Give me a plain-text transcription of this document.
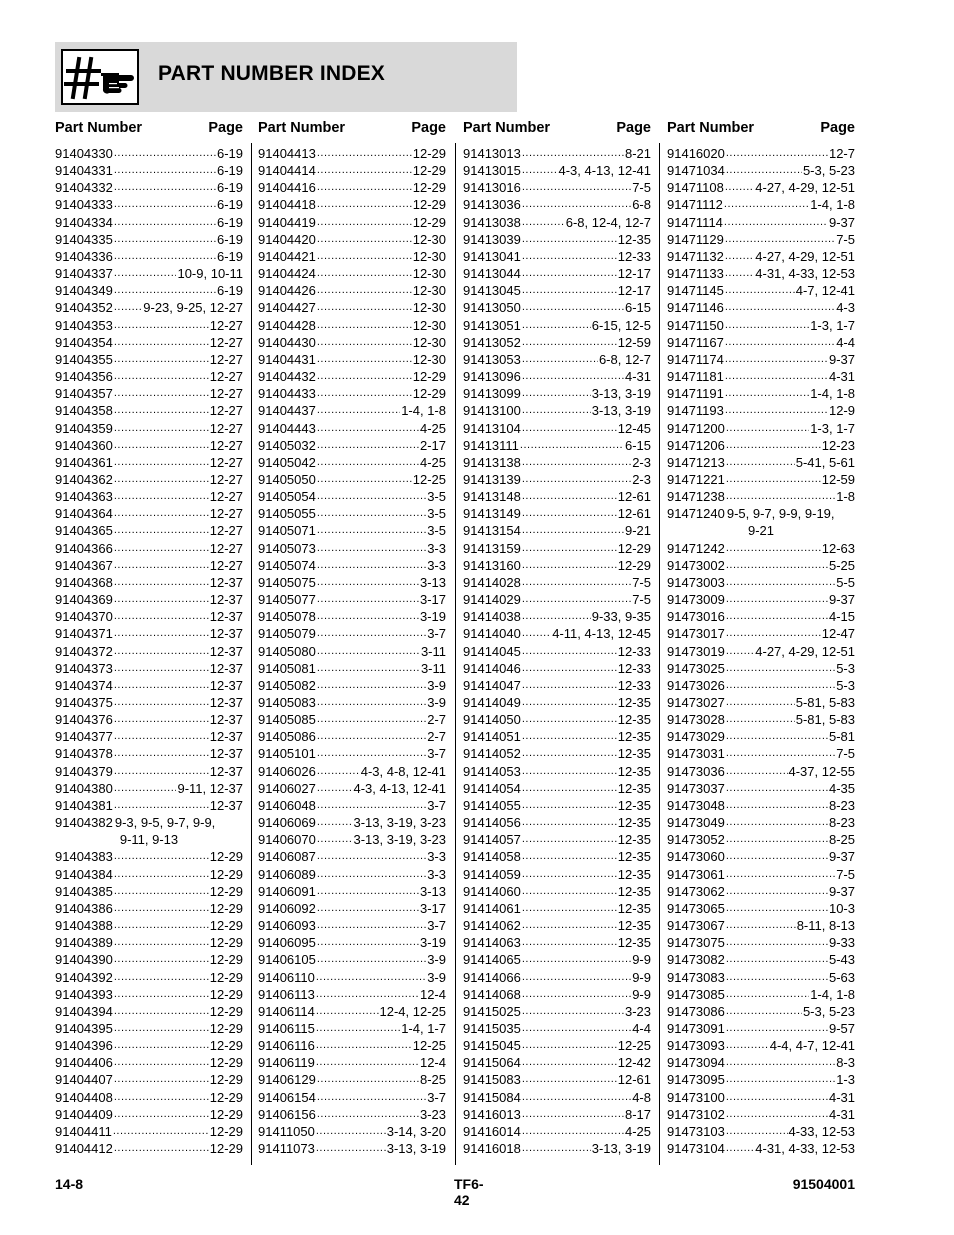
PART NUMBER INDEX
Part Number	Page
91404330 .....	6-19
91404331 .....	6-19
91404332 .....	6-19
91404333 .....	6-19
91404334 .....	6-19
91404335 .....	6-19
91404336 .....	6-19
91404337 .....	10-9, 10-11
91404349 .....	6-19
91404352 ..... 9-23, 9-25, 12-27
91404353 .....	12-27
91404354 .....	12-27
91404355 .....	12-27
91404356 .....	12-27
91404357 .....	12-27
91404358 .....	12-27
91404359 .....	12-27
91404360 .....	12-27
91404361 .....	12-27
91404362 .....	12-27
91404363 .....	12-27
91404364 .....	12-27
91404365 .....	12-27
91404366 .....	12-27
91404367 .....	12-27
91404368 .....	12-37
91404369 .....	12-37
91404370 .....	12-37
91404371 .....	12-37
91404372 .....	12-37
91404373 .....	12-37
91404374 .....	12-37
91404375 .....	12-37
91404376 .....	12-37
91404377 .....	12-37
91404378 .....	12-37
91404379 .....	12-37
91404380 .....	9-11, 12-37
91404381 .....	12-37
91404382 9-3, 9-5, 9-7, 9-9,
9-11, 9-13
91404383 .....	12-29
91404384 .....	12-29
91404385 .....	12-29
91404386 .....	12-29
91404388 .....	12-29
91404389 .....	12-29
91404390 .....	12-29
91404392 .....	12-29
91404393 .....	12-29
91404394 .....	12-29
91404395 .....	12-29
91404396 .....	12-29
91404406 .....	12-29
91404407 .....	12-29
91404408 .....	12-29
91404409 .....	12-29
91404411 .....	12-29
91404412 .....	12-29
Part Number	Page
91404413 .....	12-29
91404414 .....	12-29
91404416 .....	12-29
91404418 .....	12-29
91404419 .....	12-29
91404420 .....	12-30
91404421 .....	12-30
91404424 .....	12-30
91404426 .....	12-30
91404427 .....	12-30
91404428 .....	12-30
91404430 .....	12-30
91404431 .....	12-30
91404432 .....	12-29
91404433 .....	12-29
91404437 .....	1-4, 1-8
91404443 .....	4-25
91405032 .....	2-17
91405042 .....	4-25
91405050 .....	12-25
91405054 .....	3-5
91405055 .....	3-5
91405071 .....	3-5
91405073 .....	3-3
91405074 .....	3-3
91405075 .....	3-13
91405077 .....	3-17
91405078 .....	3-19
91405079 .....	3-7
91405080 .....	3-11
91405081 .....	3-11
91405082 .....	3-9
91405083 .....	3-9
91405085 .....	2-7
91405086 .....	2-7
91405101 .....	3-7
91406026 .....	4-3, 4-8, 12-41
91406027 .....	4-3, 4-13, 12-41
91406048 .....	3-7
91406069 .....	3-13, 3-19, 3-23
91406070 .....	3-13, 3-19, 3-23
91406087 .....	3-3
91406089 .....	3-3
91406091 .....	3-13
91406092 .....	3-17
91406093 .....	3-7
91406095 .....	3-19
91406105 .....	3-9
91406110 .....	3-9
91406113 .....	12-4
91406114 .....	12-4, 12-25
91406115 .....	1-4, 1-7
91406116 .....	12-25
91406119 .....	12-4
91406129 .....	8-25
91406154 .....	3-7
91406156 .....	3-23
91411050 .....	3-14, 3-20
91411073 .....	3-13, 3-19
Part Number	Page
91413013 .....	8-21
91413015 .....	4-3, 4-13, 12-41
91413016 .....	7-5
91413036 .....	6-8
91413038 .....	6-8, 12-4, 12-7
91413039 .....	12-35
91413041 .....	12-33
91413044 .....	12-17
91413045 .....	12-17
91413050 .....	6-15
91413051 .....	6-15, 12-5
91413052 .....	12-59
91413053 .....	6-8, 12-7
91413096 .....	4-31
91413099 .....	3-13, 3-19
91413100 .....	3-13, 3-19
91413104 .....	12-45
91413111 .....	6-15
91413138 .....	2-3
91413139 .....	2-3
91413148 .....	12-61
91413149 .....	12-61
91413154 .....	9-21
91413159 .....	12-29
91413160 .....	12-29
91414028 .....	7-5
91414029 .....	7-5
91414038 .....	9-33, 9-35
91414040 ..... 4-11, 4-13, 12-45
91414045 .....	12-33
91414046 .....	12-33
91414047 .....	12-33
91414049 .....	12-35
91414050 .....	12-35
91414051 .....	12-35
91414052 .....	12-35
91414053 .....	12-35
91414054 .....	12-35
91414055 .....	12-35
91414056 .....	12-35
91414057 .....	12-35
91414058 .....	12-35
91414059 .....	12-35
91414060 .....	12-35
91414061 .....	12-35
91414062 .....	12-35
91414063 .....	12-35
91414065 .....	9-9
91414066 .....	9-9
91414068 .....	9-9
91415025 .....	3-23
91415035 .....	4-4
91415045 .....	12-25
91415064 .....	12-42
91415083 .....	12-61
91415084 .....	4-8
91416013 .....	8-17
91416014 .....	4-25
91416018 .....	3-13, 3-19
Part Number	Page
91416020 .....	12-7
91471034 .....	5-3, 5-23
91471108 ..... 4-27, 4-29, 12-51
91471112 .....	1-4, 1-8
91471114 .....	9-37
91471129 .....	7-5
91471132 ..... 4-27, 4-29, 12-51
91471133 ..... 4-31, 4-33, 12-53
91471145 .....	4-7, 12-41
91471146 .....	4-3
91471150 .....	1-3, 1-7
91471167 .....	4-4
91471174 .....	9-37
91471181 .....	4-31
91471191 .....	1-4, 1-8
91471193 .....	12-9
91471200 .....	1-3, 1-7
91471206 .....	12-23
91471213 .....	5-41, 5-61
91471221 .....	12-59
91471238 .....	1-8
91471240 9-5, 9-7, 9-9, 9-19,
9-21
91471242 .....	12-63
91473002 .....	5-25
91473003 .....	5-5
91473009 .....	9-37
91473016 .....	4-15
91473017 .....	12-47
91473019 ..... 4-27, 4-29, 12-51
91473025 .....	5-3
91473026 .....	5-3
91473027 .....	5-81, 5-83
91473028 .....	5-81, 5-83
91473029 .....	5-81
91473031 .....	7-5
91473036 .....	4-37, 12-55
91473037 .....	4-35
91473048 .....	8-23
91473049 .....	8-23
91473052 .....	8-25
91473060 .....	9-37
91473061 .....	7-5
91473062 .....	9-37
91473065 .....	10-3
91473067 .....	8-11, 8-13
91473075 .....	9-33
91473082 .....	5-43
91473083 .....	5-63
91473085 .....	1-4, 1-8
91473086 .....	5-3, 5-23
91473091 .....	9-57
91473093 .....	4-4, 4-7, 12-41
91473094 .....	8-3
91473095 .....	1-3
91473100 .....	4-31
91473102 .....	4-31
91473103 .....	4-33, 12-53
91473104 ..... 4-31, 4-33, 12-53
14-8	TF6-42
91504001
